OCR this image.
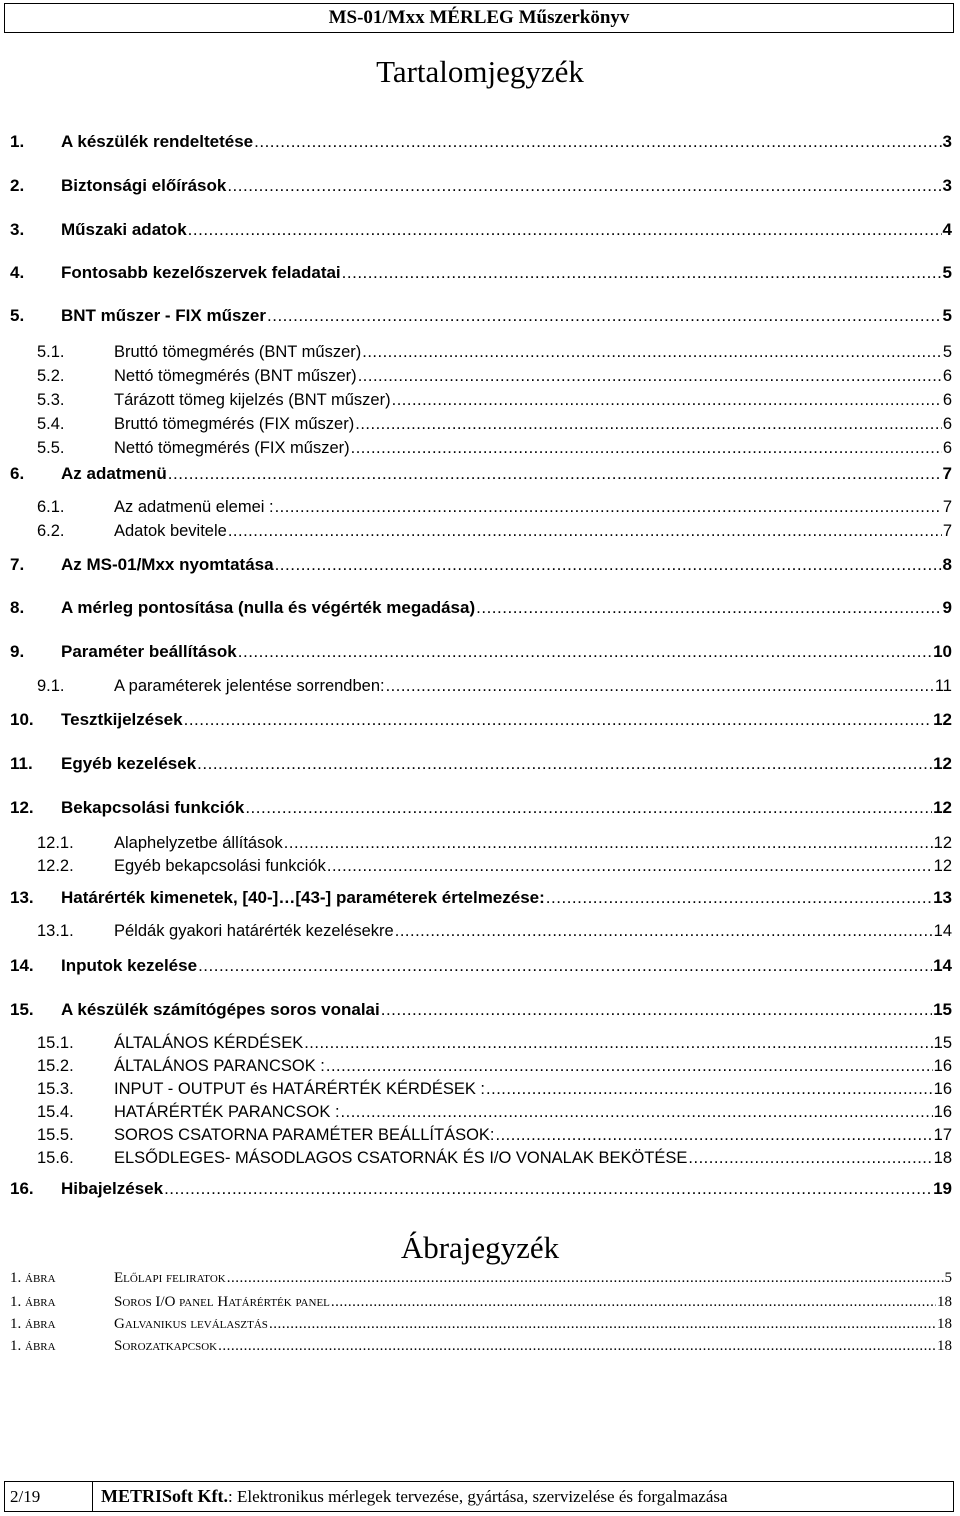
MS-01/Mxx MÉRLEG Műszerkönyv
Tartalomjegyzék
1.	A készülék rendeltetése .....	3
2.	Biztonsági előírások .....	3
3.	Műszaki adatok .....	4
4.	Fontosabb kezelőszervek feladatai .....	5
5.	BNT műszer - FIX műszer .....	5
5.1.	Bruttó tömegmérés (BNT műszer) .....	5
5.2.	Nettó tömegmérés (BNT műszer) .....	6
5.3.	Tárázott tömeg kijelzés (BNT műszer) .....	6
5.4.	Bruttó tömegmérés (FIX műszer) .....	6
5.5.	Nettó tömegmérés (FIX műszer) .....	6
6.	Az adatmenü .....	7
6.1.	Az adatmenü elemei : .....	7
6.2.	Adatok bevitele .....	7
7.	Az MS-01/Mxx nyomtatása .....	8
8.	A mérleg pontosítása (nulla és végérték megadása) .....	9
9.	Paraméter beállítások .....	10
9.1.	A paraméterek jelentése sorrendben: .....	11
10.	Tesztkijelzések .....	12
11.	Egyéb kezelések .....	12
12.	Bekapcsolási funkciók .....	12
12.1.	Alaphelyzetbe állítások .....	12
12.2.	Egyéb bekapcsolási funkciók .....	12
13.	Határérték kimenetek, [40-]…[43-] paraméterek értelmezése: .....	13
13.1.	Példák gyakori határérték kezelésekre .....	14
14.	Inputok kezelése .....	14
15.	A készülék számítógépes soros vonalai .....	15
15.1.	ÁLTALÁNOS KÉRDÉSEK .....	15
15.2.	ÁLTALÁNOS PARANCSOK : .....	16
15.3.	INPUT - OUTPUT és HATÁRÉRTÉK KÉRDÉSEK : .....	16
15.4.	HATÁRÉRTÉK PARANCSOK : .....	16
15.5.	SOROS CSATORNA PARAMÉTER BEÁLLÍTÁSOK: .....	17
15.6.	ELSŐDLEGES- MÁSODLAGOS CSATORNÁK ÉS I/O VONALAK BEKÖTÉSE .....	18
16.	Hibajelzések .....	19
Ábrajegyzék
1. ábra	Előlapi feliratok .....	5
1. ábra	Soros I/O panel Határérték panel .....	18
1. ábra	Galvanikus leválasztás .....	18
1. ábra	Sorozatkapcsok .....	18
2/19	METRISoft Kft.: Elektronikus mérlegek tervezése, gyártása, szervizelése és forgalmazása
